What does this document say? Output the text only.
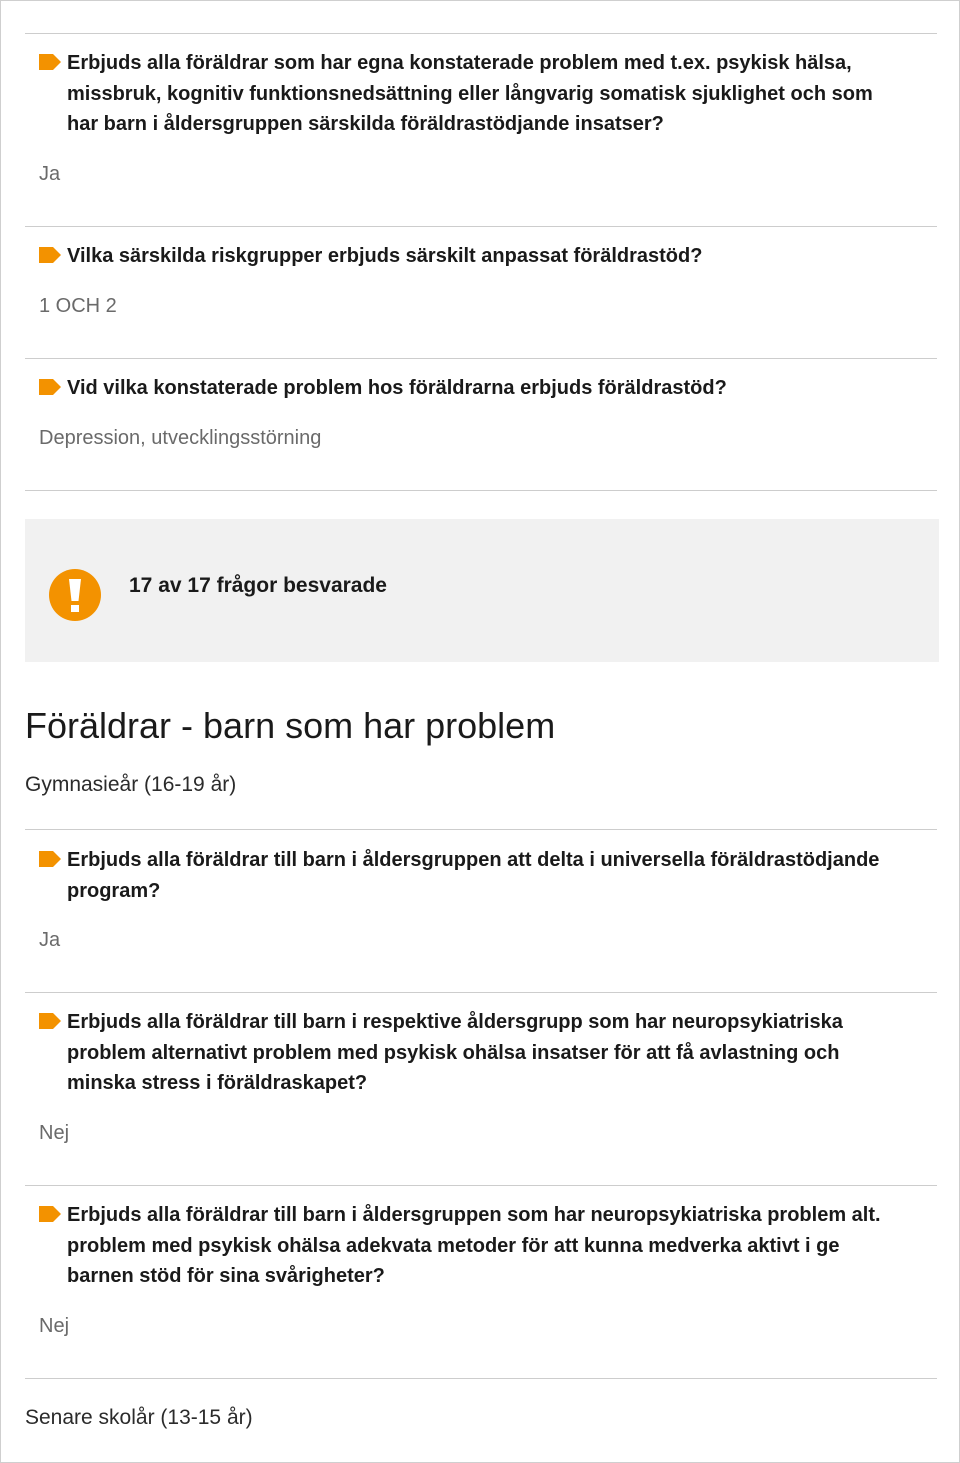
Erbjuds alla föräldrar som har egna konstaterade problem med t.ex. psykisk hälsa, missbruk, kognitiv funktionsnedsättning eller långvarig somatisk sjuklighet och som har barn i åldersgruppen särskilda föräldrastödjande insatser?
Ja
Vilka särskilda riskgrupper erbjuds särskilt anpassat föräldrastöd?
1 OCH 2
Vid vilka konstaterade problem hos föräldrarna erbjuds föräldrastöd?
Depression, utvecklingsstörning
17 av 17 frågor besvarade
Föräldrar - barn som har problem
Gymnasieår (16-19 år)
Erbjuds alla föräldrar till barn i åldersgruppen att delta i universella föräldrastödjande program?
Ja
Erbjuds alla föräldrar till barn i respektive åldersgrupp som har neuropsykiatriska problem alternativt problem med psykisk ohälsa insatser för att få avlastning och minska stress i föräldraskapet?
Nej
Erbjuds alla föräldrar till barn i åldersgruppen som har neuropsykiatriska problem alt. problem med psykisk ohälsa adekvata metoder för att kunna medverka aktivt i ge barnen stöd för sina svårigheter?
Nej
Senare skolår (13-15 år)
